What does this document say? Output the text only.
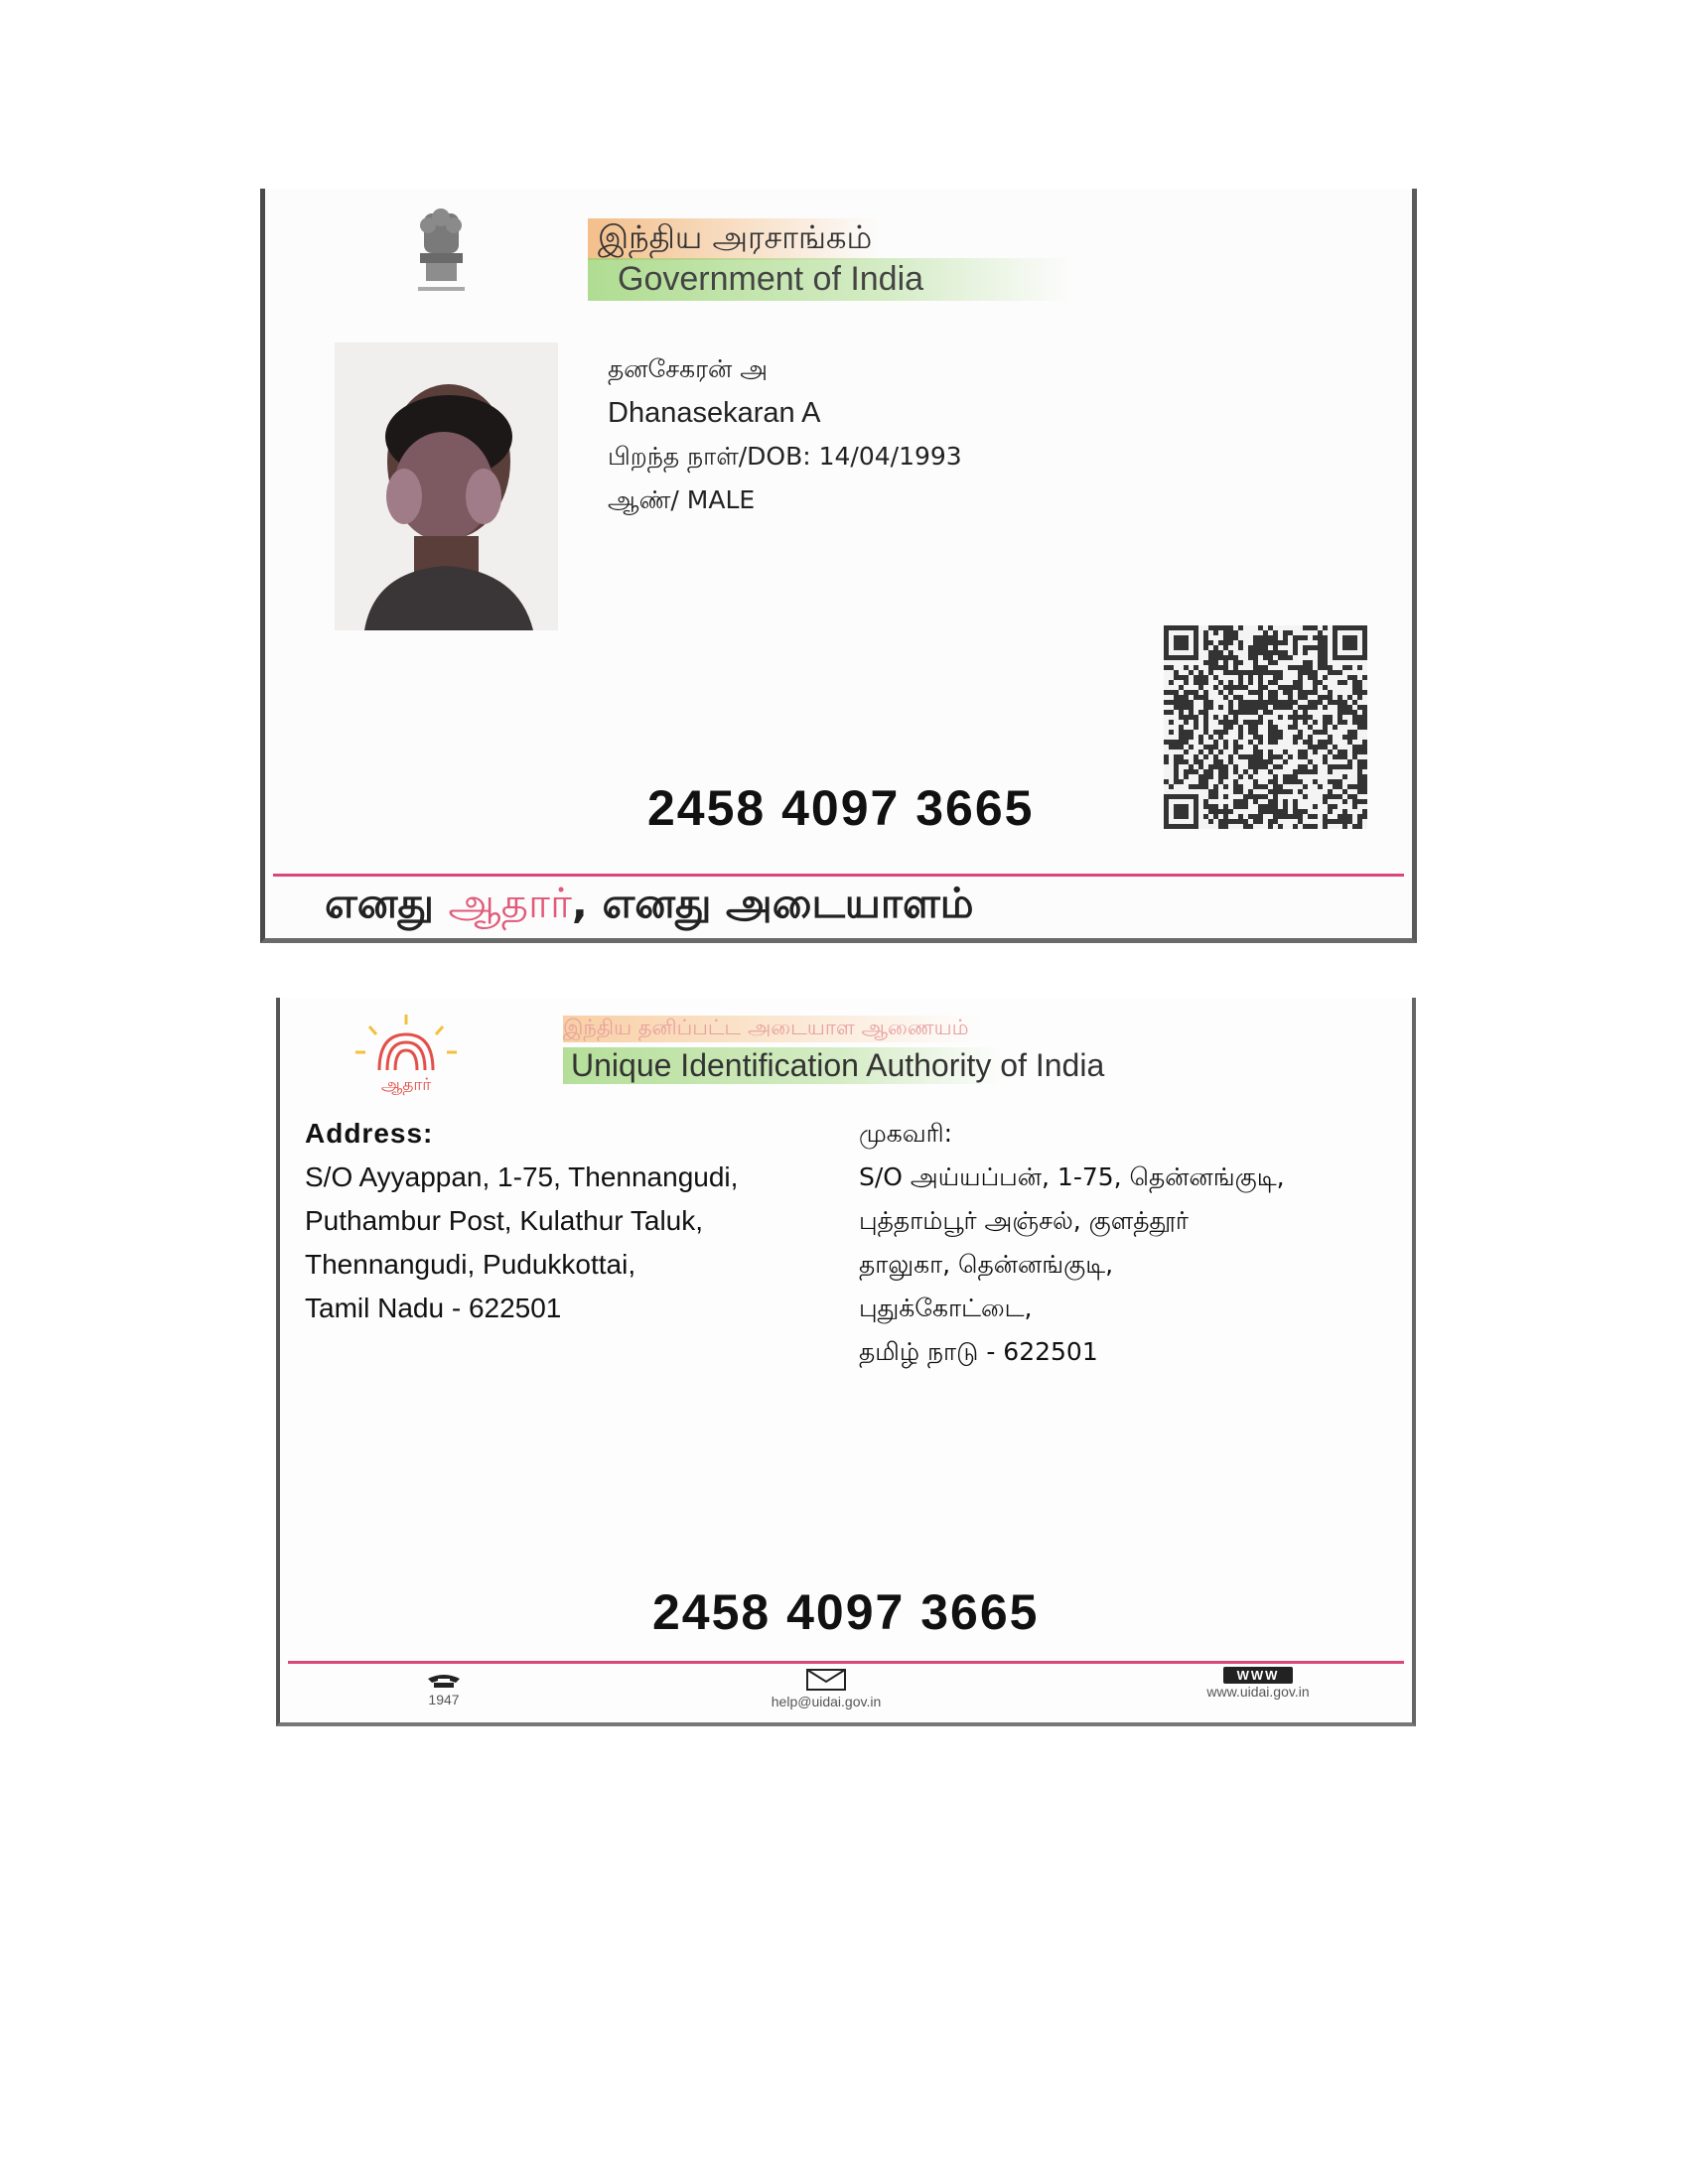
இந்திய அரசாங்கம்
Government of India
தனசேகரன் அ
Dhanasekaran A
பிறந்த நாள்/DOB: 14/04/1993
ஆண்/ MALE
2458 4097 3665
எனது ஆதார், எனது அடையாளம்
ஆதார்
இந்திய தனிப்பட்ட அடையாள ஆணையம்
Unique Identification Authority of India
Address:
S/O Ayyappan, 1-75, Thennangudi,
Puthambur Post, Kulathur Taluk,
Thennangudi, Pudukkottai,
Tamil Nadu - 622501
முகவரி:
S/O அய்யப்பன், 1-75, தென்னங்குடி,
புத்தாம்பூர் அஞ்சல், குளத்தூர்
தாலுகா, தென்னங்குடி,
புதுக்கோட்டை,
தமிழ் நாடு - 622501
2458 4097 3665
1947	help@uidai.gov.in
WWW
www.uidai.gov.in
